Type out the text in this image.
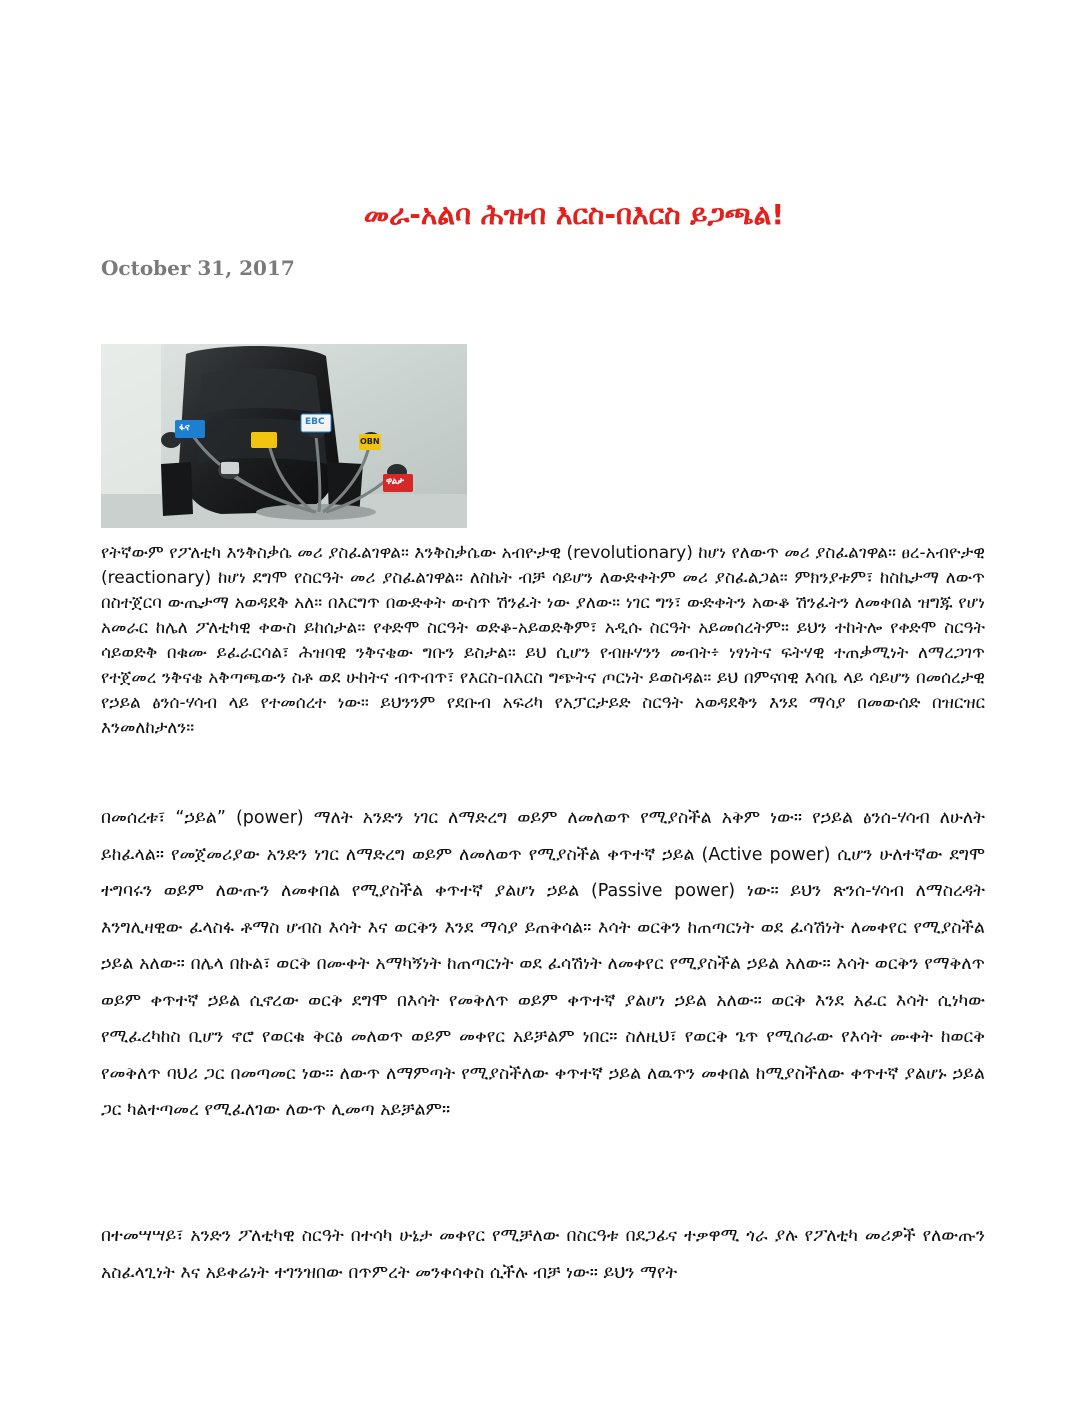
መራ-አልባ ሕዝብ እርስ-በእርስ ይጋጫል!
October 31, 2017
ፋና
EBC
OBN
ዋልታ

የትኛውም የፖለቲካ እንቅስቃሴ መሪ ያስፈልገዋል። እንቅስቃሴው አብዮታዊ (revolutionary) ከሆነ የለውጥ መሪ ያስፈልገዋል። ፀረ-አብዮታዊ (reactionary) ከሆነ ደግሞ የስርዓት መሪ ያስፈልገዋል። ለስኬት ብቻ ሳይሆን ለውድቀትም መሪ ያስፈልጋል። ምክንያቱም፣ ከስኬታማ ለውጥ በስተጀርባ ውጤታማ አወዳደቅ አለ። በእርግጥ በውድቀት ውስጥ ሽንፈት ነው ያለው። ነገር ግን፣ ውድቀትን አውቆ ሽንፈትን ለመቀበል ዝግጁ የሆነ አመራር ከሌለ ፖለቲካዊ ቀውስ ይከሰታል። የቀድሞ ስርዓት ወድቆ-አይወድቅም፣ አዲሱ ስርዓት አይመሰረትም። ይህን ተከትሎ የቀድሞ ስርዓት ሳይወድቅ በቁሙ ይፈራርሳል፣ ሕዝባዊ ንቅናቄው ግቡን ይስታል። ይህ ሲሆን የብዙሃንን መብት፥ ነፃነትና ፍትሃዊ ተጠቃሚነት ለማረጋገጥ የተጀመረ ንቅናቄ አቅጣጫውን ስቶ ወደ ሁከትና ብጥብጥ፣ የእርስ-በእርስ ግጭትና ጦርነት ይወስዳል። ይህ በምናባዊ እሳቤ ላይ ሳይሆን በመሰረታዊ የኃይል ፅንሰ-ሃሳብ ላይ የተመሰረተ ነው። ይህንንም የደቡብ አፍሪካ የአፓርታይድ ስርዓት አወዳደቅን እንደ ማሳያ በመውሰድ በዝርዝር እንመለከታለን።

በመሰረቱ፣ “ኃይል” (power) ማለት አንድን ነገር ለማድረግ ወይም ለመለወጥ የሚያስችል አቅም ነው። የኃይል ፅንሰ-ሃሳብ ለሁለት ይከፈላል። የመጀመሪያው አንድን ነገር ለማድረግ ወይም ለመለወጥ የሚያስችል ቀጥተኛ ኃይል (Active power) ሲሆን ሁለተኛው ደግሞ ተግባሩን ወይም ለውጡን ለመቀበል የሚያስችል ቀጥተኛ ያልሆነ ኃይል (Passive power) ነው። ይህን ጽንሰ-ሃሳብ ለማስረዳት እንግሊዛዊው ፈላስፋ ቶማስ ሆብስ እሳት እና ወርቅን እንደ ማሳያ ይጠቅሳል። እሳት ወርቅን ከጠጣርነት ወደ ፈሳሽነት ለመቀየር የሚያስችል ኃይል አለው። በሌላ በኩል፣ ወርቅ በሙቀት አማካኝነት ከጠጣርነት ወደ ፈሳሽነት ለመቀየር የሚያስችል ኃይል አለው። እሳት ወርቅን የማቅለጥ ወይም ቀጥተኛ ኃይል ሲኖረው ወርቅ ደግሞ በእሳት የመቅለጥ ወይም ቀጥተኛ ያልሆነ ኃይል አለው። ወርቅ እንደ አፈር እሳት ሲነካው የሚፈረካከስ ቢሆን ኖሮ የወርቁ ቅርፅ መለወጥ ወይም መቀየር አይቻልም ነበር። ስለዚህ፣ የወርቅ ጌጥ የሚሰራው የእሳት ሙቀት ከወርቅ የመቅለጥ ባህሪ ጋር በመጣመር ነው። ለውጥ ለማምጣት የሚያስችለው ቀጥተኛ ኃይል ለዉጥን መቀበል ከሚያስችለው ቀጥተኛ ያልሆኑ ኃይል ጋር ካልተጣመረ የሚፈለገው ለውጥ ሊመጣ አይቻልም።

በተመሣሣይ፣ አንድን ፖለቲካዊ ስርዓት በተሳካ ሁኔታ መቀየር የሚቻለው በስርዓቱ በደጋፊና ተቃዋሚ ጎራ ያሉ የፖለቲካ መሪዎች የለውጡን አስፈላጊነት እና አይቀሬነት ተገንዝበው በጥምረት መንቀሳቀስ ሲችሉ ብቻ ነው። ይህን ማየት
